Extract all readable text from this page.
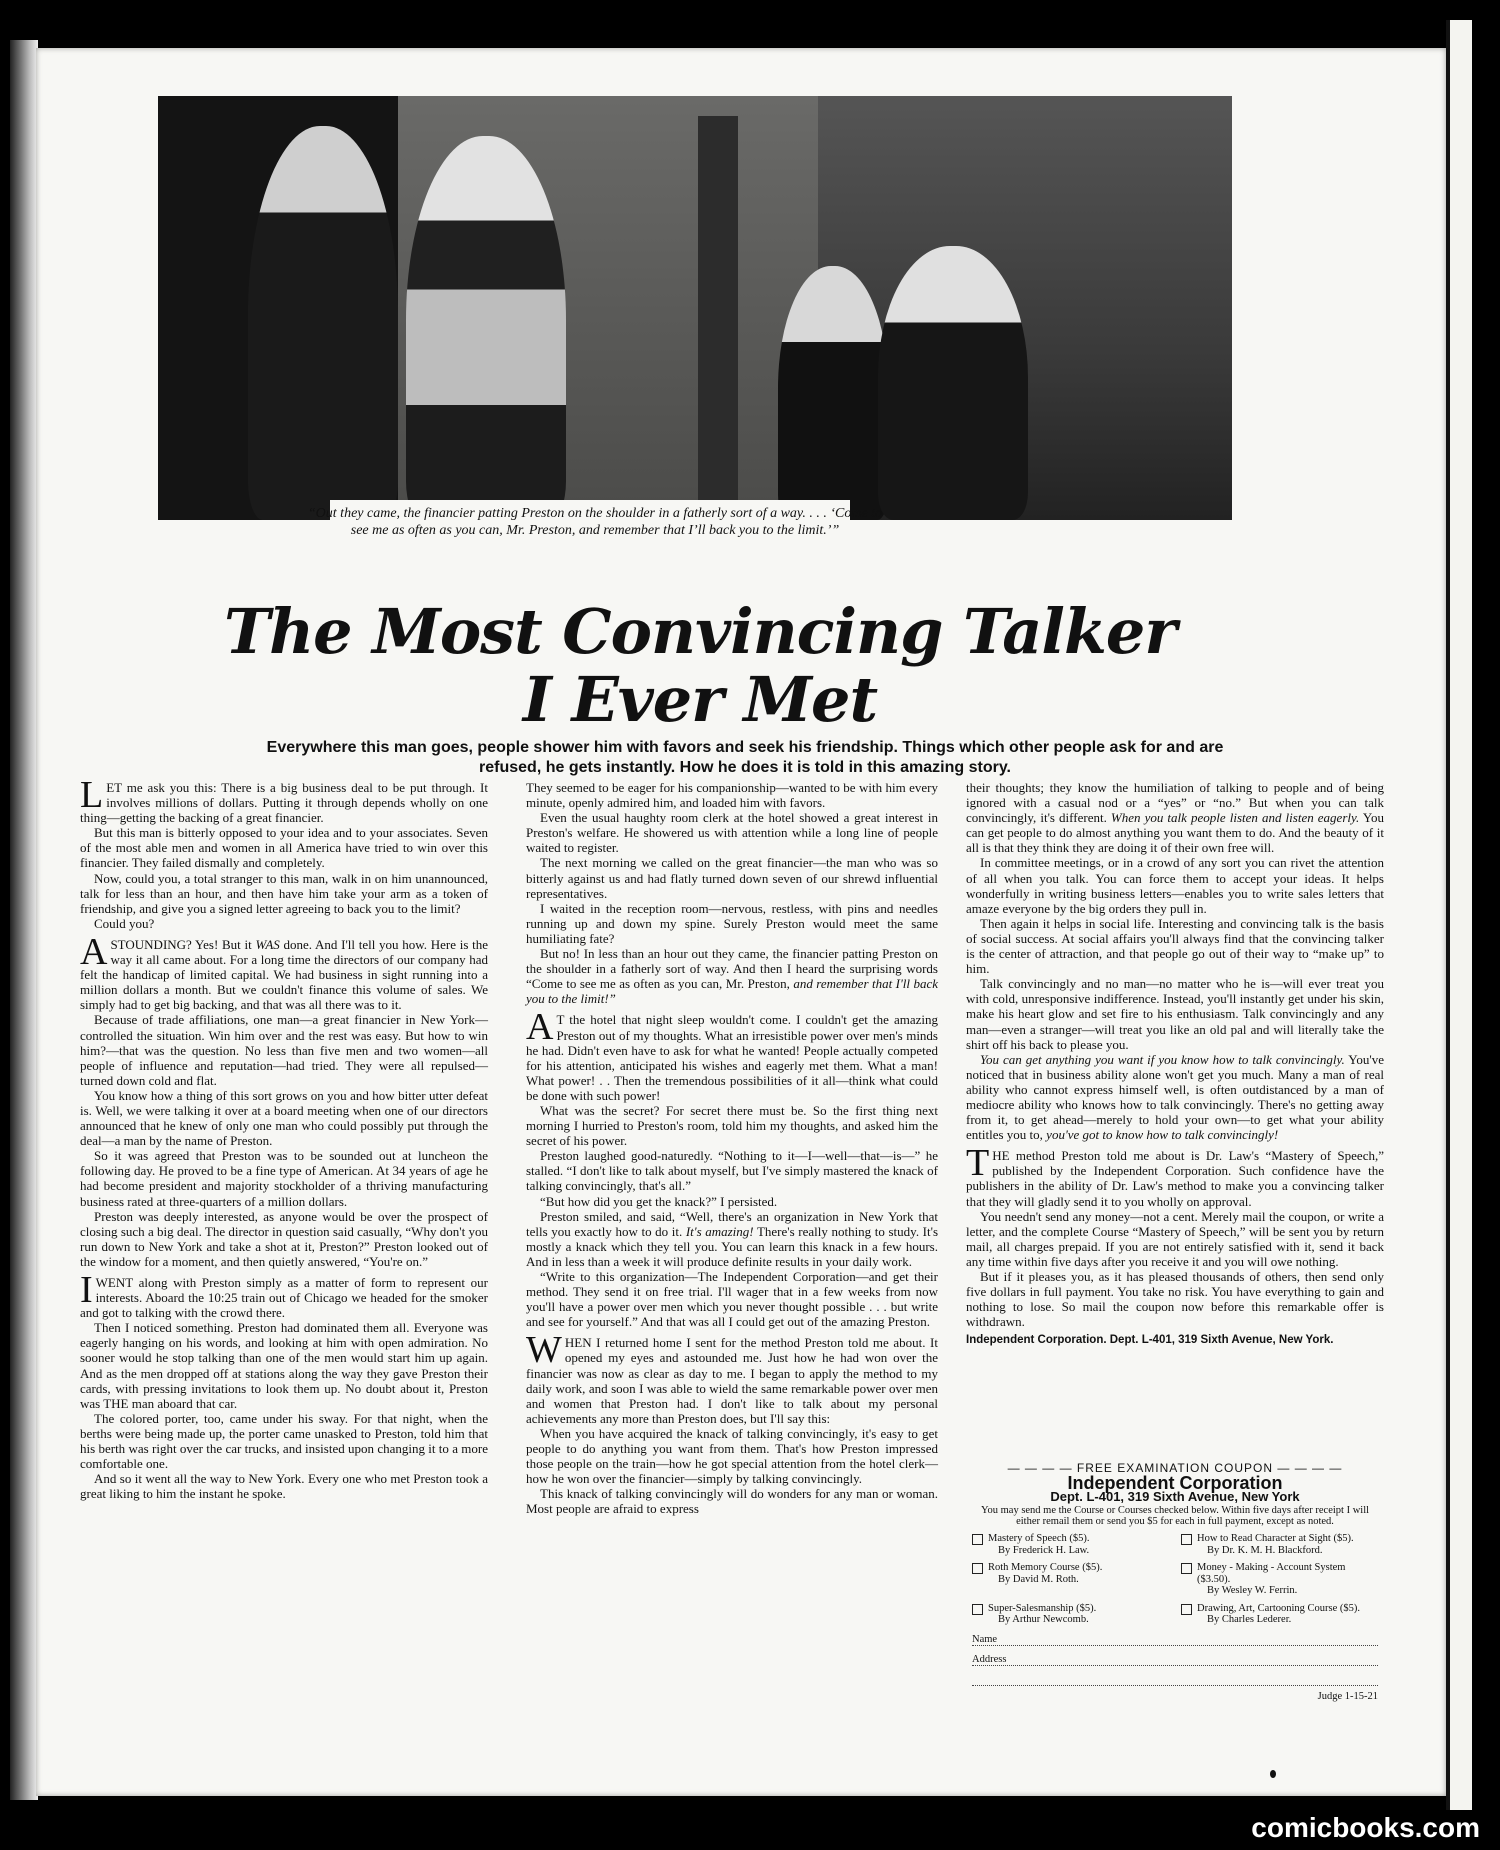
“Out they came, the financier patting Preston on the shoulder in a fatherly sort of a way. . . . ‘Come to see me as often as you can, Mr. Preston, and remember that I’ll back you to the limit.’”
The Most Convincing Talker
I Ever Met
Everywhere this man goes, people shower him with favors and seek his friendship. Things which other people ask for and are refused, he gets instantly. How he does it is told in this amazing story.

LET me ask you this: There is a big business deal to be put through. It involves millions of dollars. Putting it through depends wholly on one thing—getting the backing of a great financier.

But this man is bitterly opposed to your idea and to your associates. Seven of the most able men and women in all America have tried to win over this financier. They failed dismally and completely.

Now, could you, a total stranger to this man, walk in on him unannounced, talk for less than an hour, and then have him take your arm as a token of friendship, and give you a signed letter agreeing to back you to the limit?

Could you?

ASTOUNDING? Yes! But it WAS done. And I'll tell you how. Here is the way it all came about. For a long time the directors of our company had felt the handicap of limited capital. We had business in sight running into a million dollars a month. But we couldn't finance this volume of sales. We simply had to get big backing, and that was all there was to it.

Because of trade affiliations, one man—a great financier in New York—controlled the situation. Win him over and the rest was easy. But how to win him?—that was the question. No less than five men and two women—all people of influence and reputation—had tried. They were all repulsed—turned down cold and flat.

You know how a thing of this sort grows on you and how bitter utter defeat is. Well, we were talking it over at a board meeting when one of our directors announced that he knew of only one man who could possibly put through the deal—a man by the name of Preston.

So it was agreed that Preston was to be sounded out at luncheon the following day. He proved to be a fine type of American. At 34 years of age he had become president and majority stockholder of a thriving manufacturing business rated at three-quarters of a million dollars.

Preston was deeply interested, as anyone would be over the prospect of closing such a big deal. The director in question said casually, “Why don't you run down to New York and take a shot at it, Preston?” Preston looked out of the window for a moment, and then quietly answered, “You're on.”

IWENT along with Preston simply as a matter of form to represent our interests. Aboard the 10:25 train out of Chicago we headed for the smoker and got to talking with the crowd there.

Then I noticed something. Preston had dominated them all. Everyone was eagerly hanging on his words, and looking at him with open admiration. No sooner would he stop talking than one of the men would start him up again. And as the men dropped off at stations along the way they gave Preston their cards, with pressing invitations to look them up. No doubt about it, Preston was THE man aboard that car.

The colored porter, too, came under his sway. For that night, when the berths were being made up, the porter came unasked to Preston, told him that his berth was right over the car trucks, and insisted upon changing it to a more comfortable one.

And so it went all the way to New York. Every one who met Preston took a great liking to him the instant he spoke.

They seemed to be eager for his companionship—wanted to be with him every minute, openly admired him, and loaded him with favors.

Even the usual haughty room clerk at the hotel showed a great interest in Preston's welfare. He showered us with attention while a long line of people waited to register.

The next morning we called on the great financier—the man who was so bitterly against us and had flatly turned down seven of our shrewd influential representatives.

I waited in the reception room—nervous, restless, with pins and needles running up and down my spine. Surely Preston would meet the same humiliating fate?

But no! In less than an hour out they came, the financier patting Preston on the shoulder in a fatherly sort of way. And then I heard the surprising words “Come to see me as often as you can, Mr. Preston, and remember that I'll back you to the limit!”

A T the hotel that night sleep wouldn't come. I couldn't get the amazing Preston out of my thoughts. What an irresistible power over men's minds he had. Didn't even have to ask for what he wanted! People actually competed for his attention, anticipated his wishes and eagerly met them. What a man! What power! . . Then the tremendous possibilities of it all—think what could be done with such power!

What was the secret? For secret there must be. So the first thing next morning I hurried to Preston's room, told him my thoughts, and asked him the secret of his power.

Preston laughed good-naturedly. “Nothing to it—I—well—that—is—” he stalled. “I don't like to talk about myself, but I've simply mastered the knack of talking convincingly, that's all.”

“But how did you get the knack?” I persisted.

Preston smiled, and said, “Well, there's an organization in New York that tells you exactly how to do it. It's amazing! There's really nothing to study. It's mostly a knack which they tell you. You can learn this knack in a few hours. And in less than a week it will produce definite results in your daily work.

“Write to this organization—The Independent Corporation—and get their method. They send it on free trial. I'll wager that in a few weeks from now you'll have a power over men which you never thought possible . . . but write and see for yourself.” And that was all I could get out of the amazing Preston.

WHEN I returned home I sent for the method Preston told me about. It opened my eyes and astounded me. Just how he had won over the financier was now as clear as day to me. I began to apply the method to my daily work, and soon I was able to wield the same remarkable power over men and women that Preston had. I don't like to talk about my personal achievements any more than Preston does, but I'll say this:

When you have acquired the knack of talking convincingly, it's easy to get people to do anything you want from them. That's how Preston impressed those people on the train—how he got special attention from the hotel clerk—how he won over the financier—simply by talking convincingly.

This knack of talking convincingly will do wonders for any man or woman. Most people are afraid to express

their thoughts; they know the humiliation of talking to people and of being ignored with a casual nod or a “yes” or “no.” But when you can talk convincingly, it's different. When you talk people listen and listen eagerly. You can get people to do almost anything you want them to do. And the beauty of it all is that they think they are doing it of their own free will.

In committee meetings, or in a crowd of any sort you can rivet the attention of all when you talk. You can force them to accept your ideas. It helps wonderfully in writing business letters—enables you to write sales letters that amaze everyone by the big orders they pull in.

Then again it helps in social life. Interesting and convincing talk is the basis of social success. At social affairs you'll always find that the convincing talker is the center of attraction, and that people go out of their way to “make up” to him.

Talk convincingly and no man—no matter who he is—will ever treat you with cold, unresponsive indifference. Instead, you'll instantly get under his skin, make his heart glow and set fire to his enthusiasm. Talk convincingly and any man—even a stranger—will treat you like an old pal and will literally take the shirt off his back to please you.

You can get anything you want if you know how to talk convincingly. You've noticed that in business ability alone won't get you much. Many a man of real ability who cannot express himself well, is often outdistanced by a man of mediocre ability who knows how to talk convincingly. There's no getting away from it, to get ahead—merely to hold your own—to get what your ability entitles you to, you've got to know how to talk convincingly!

THE method Preston told me about is Dr. Law's “Mastery of Speech,” published by the Independent Corporation. Such confidence have the publishers in the ability of Dr. Law's method to make you a convincing talker that they will gladly send it to you wholly on approval.

You needn't send any money—not a cent. Merely mail the coupon, or write a letter, and the complete Course “Mastery of Speech,” will be sent you by return mail, all charges prepaid. If you are not entirely satisfied with it, send it back any time within five days after you receive it and you will owe nothing.

But if it pleases you, as it has pleased thousands of others, then send only five dollars in full payment. You take no risk. You have everything to gain and nothing to lose. So mail the coupon now before this remarkable offer is withdrawn.

Independent Corporation. Dept. L-401, 319 Sixth Avenue, New York.
— — — — FREE EXAMINATION COUPON — — — —
Independent Corporation
Dept. L-401, 319 Sixth Avenue, New York
You may send me the Course or Courses checked below. Within five days after receipt I will either remail them or send you $5 for each in full payment, except as noted.
Mastery of Speech ($5).
By Frederick H. Law.
How to Read Character at Sight ($5).
By Dr. K. M. H. Blackford.
Roth Memory Course ($5).
By David M. Roth.
Money - Making - Account System ($3.50).
By Wesley W. Ferrin.
Super-Salesmanship ($5).
By Arthur Newcomb.
Drawing, Art, Cartooning Course ($5).
By Charles Lederer.
Name
Address
Judge 1-15-21
comicbooks.com
